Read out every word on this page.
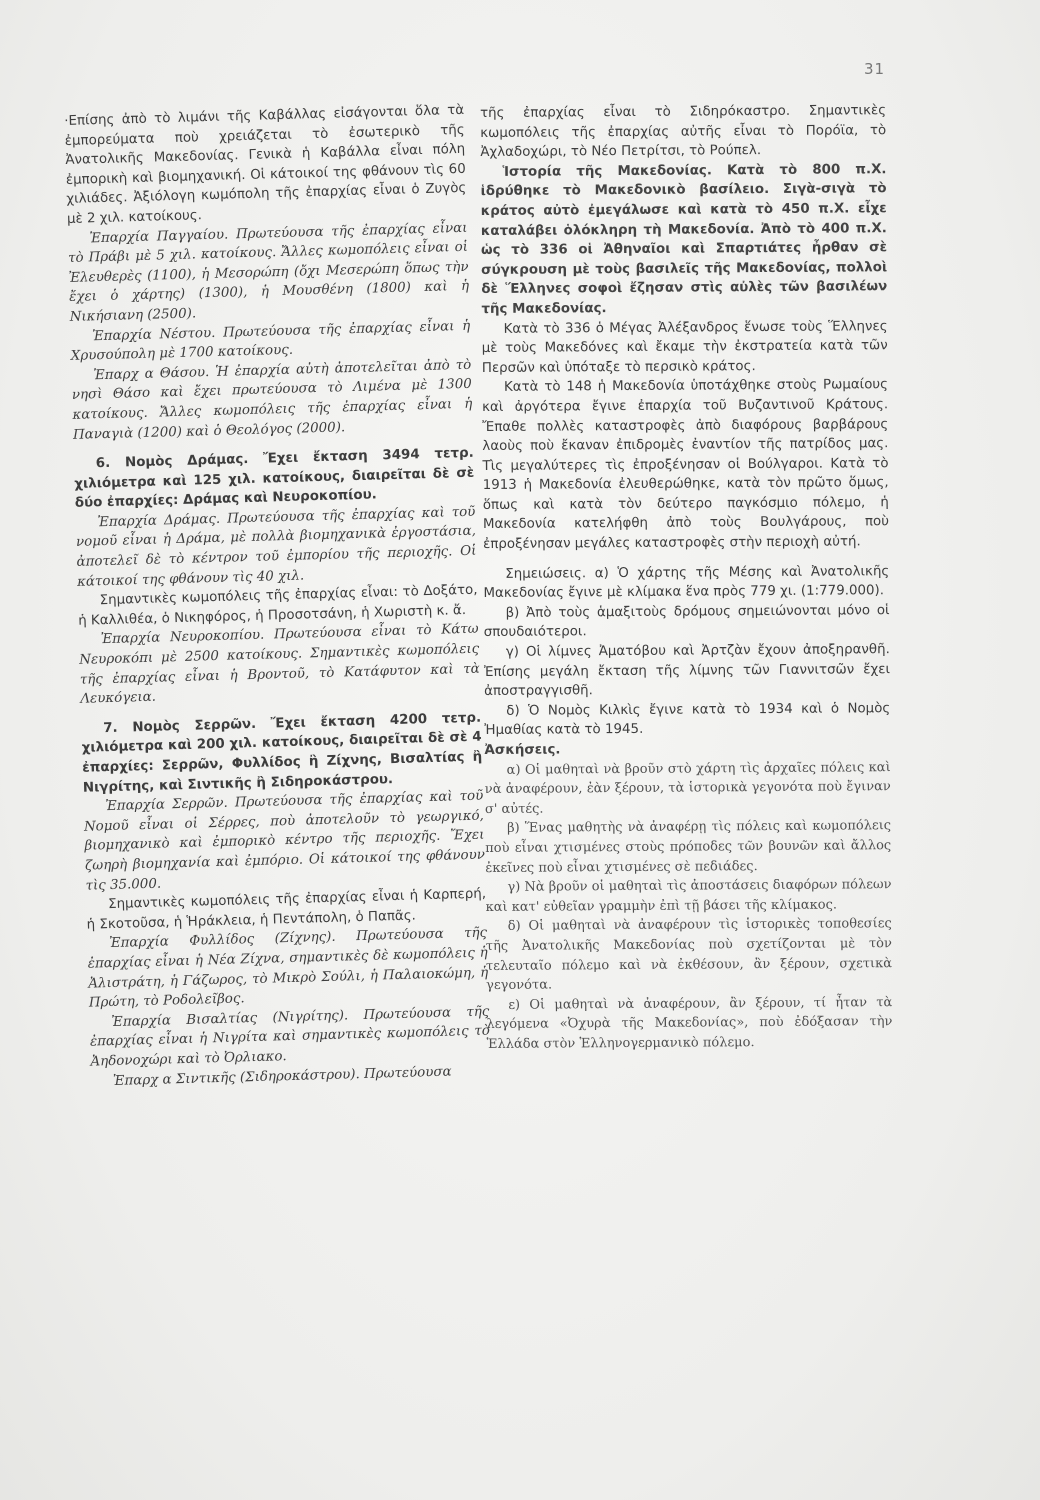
31

·Επίσης ἀπὸ τὸ λιμάνι τῆς Καβάλλας εἰσάγονται ὅλα τὰ ἐμπορεύματα ποὺ χρειάζεται τὸ ἐσωτερικὸ τῆς Ἀνατολικῆς Μακεδονίας. Γενικὰ ἡ Καβάλλα εἶναι πόλη ἐμπορικὴ καὶ βιομηχανική. Οἱ κάτοικοί της φθάνουν τὶς 60 χιλιάδες. Ἀξιόλογη κωμόπολη τῆς ἐπαρχίας εἶναι ὁ Ζυγὸς μὲ 2 χιλ. κατοίκους.

Ἐπαρχία Παγγαίου. Πρωτεύουσα τῆς ἐπαρχίας εἶναι τὸ Πράβι μὲ 5 χιλ. κατοίκους. Ἄλλες κωμοπόλεις εἶναι οἱ Ἐλευθερὲς (1100), ἡ Μεσορώπη (ὄχι Μεσερώπη ὅπως τὴν ἔχει ὁ χάρτης) (1300), ἡ Μουσθένη (1800) καὶ ἡ Νικήσιανη (2500).

Ἐπαρχία Νέστου. Πρωτεύουσα τῆς ἐπαρχίας εἶναι ἡ Χρυσούπολη μὲ 1700 κατοίκους.

Ἐπαρχ α Θάσου. Ἡ ἐπαρχία αὐτὴ ἀποτελεῖται ἀπὸ τὸ νησὶ Θάσο καὶ ἔχει πρωτεύουσα τὸ Λιμένα μὲ 1300 κατοίκους. Ἄλλες κωμοπόλεις τῆς ἐπαρχίας εἶναι ἡ Παναγιὰ (1200) καὶ ὁ Θεολόγος (2000).

6. Νομὸς Δράμας. Ἔχει ἔκταση 3494 τετρ. χιλιόμετρα καὶ 125 χιλ. κατοίκους, διαιρεῖται δὲ σὲ δύο ἐπαρχίες: Δράμας καὶ Νευροκοπίου.

Ἐπαρχία Δράμας. Πρωτεύουσα τῆς ἐπαρχίας καὶ τοῦ νομοῦ εἶναι ἡ Δράμα, μὲ πολλὰ βιομηχανικὰ ἐργοστάσια, ἀποτελεῖ δὲ τὸ κέντρον τοῦ ἐμπορίου τῆς περιοχῆς. Οἱ κάτοικοί της φθάνουν τὶς 40 χιλ.

Σημαντικὲς κωμοπόλεις τῆς ἐπαρχίας εἶναι: τὸ Δοξάτο, ἡ Καλλιθέα, ὁ Νικηφόρος, ἡ Προσοτσάνη, ἡ Χωριστὴ κ. ἄ.

Ἐπαρχία Νευροκοπίου. Πρωτεύουσα εἶναι τὸ Κάτω Νευροκόπι μὲ 2500 κατοίκους. Σημαντικὲς κωμοπόλεις τῆς ἐπαρχίας εἶναι ἡ Βροντοῦ, τὸ Κατάφυτον καὶ τὰ Λευκόγεια.

7. Νομὸς Σερρῶν. Ἔχει ἔκταση 4200 τετρ. χιλιόμετρα καὶ 200 χιλ. κατοίκους, διαιρεῖται δὲ σὲ 4 ἐπαρχίες: Σερρῶν, Φυλλίδος ἢ Ζίχνης, Βισαλτίας ἢ Νιγρίτης, καὶ Σιντικῆς ἢ Σιδηροκάστρου.

Ἐπαρχία Σερρῶν. Πρωτεύουσα τῆς ἐπαρχίας καὶ τοῦ Νομοῦ εἶναι οἱ Σέρρες, ποὺ ἀποτελοῦν τὸ γεωργικό, βιομηχανικὸ καὶ ἐμπορικὸ κέντρο τῆς περιοχῆς. Ἔχει ζωηρὴ βιομηχανία καὶ ἐμπόριο. Οἱ κάτοικοί της φθάνουν τὶς 35.000.

Σημαντικὲς κωμοπόλεις τῆς ἐπαρχίας εἶναι ἡ Καρπερή, ἡ Σκοτοῦσα, ἡ Ἡράκλεια, ἡ Πεντάπολη, ὁ Παπᾶς.

Ἐπαρχία Φυλλίδος (Ζίχνης). Πρωτεύουσα τῆς ἐπαρχίας εἶναι ἡ Νέα Ζίχνα, σημαντικὲς δὲ κωμοπόλεις ἡ Ἀλιστράτη, ἡ Γάζωρος, τὸ Μικρὸ Σούλι, ἡ Παλαιοκώμη, ἡ Πρώτη, τὸ Ροδολεῖβος.

Ἐπαρχία Βισαλτίας (Νιγρίτης). Πρωτεύουσα τῆς ἐπαρχίας εἶναι ἡ Νιγρίτα καὶ σημαντικὲς κωμοπόλεις τὸ Ἀηδονοχώρι καὶ τὸ Ὀρλιακο.

Ἐπαρχ α Σιντικῆς (Σιδηροκάστρου). Πρωτεύουσα

τῆς ἐπαρχίας εἶναι τὸ Σιδηρόκαστρο. Σημαντικὲς κωμοπόλεις τῆς ἐπαρχίας αὐτῆς εἶναι τὸ Πορόϊα, τὸ Ἀχλαδοχώρι, τὸ Νέο Πετρίτσι, τὸ Ρούπελ.

Ἱστορία τῆς Μακεδονίας. Κατὰ τὸ 800 π.Χ. ἱδρύθηκε τὸ Μακεδονικὸ βασίλειο. Σιγὰ-σιγὰ τὸ κράτος αὐτὸ ἐμεγάλωσε καὶ κατὰ τὸ 450 π.Χ. εἶχε καταλάβει ὁλόκληρη τὴ Μακεδονία. Ἀπὸ τὸ 400 π.Χ. ὡς τὸ 336 οἱ Ἀθηναῖοι καὶ Σπαρτιάτες ἦρθαν σὲ σύγκρουση μὲ τοὺς βασιλεῖς τῆς Μακεδονίας, πολλοὶ δὲ Ἕλληνες σοφοὶ ἔζησαν στὶς αὐλὲς τῶν βασιλέων τῆς Μακεδονίας.

Κατὰ τὸ 336 ὁ Μέγας Ἀλέξανδρος ἕνωσε τοὺς Ἕλληνες μὲ τοὺς Μακεδόνες καὶ ἔκαμε τὴν ἐκστρατεία κατὰ τῶν Περσῶν καὶ ὑπόταξε τὸ περσικὸ κράτος.

Κατὰ τὸ 148 ἡ Μακεδονία ὑποτάχθηκε στοὺς Ρωμαίους καὶ ἀργότερα ἔγινε ἐπαρχία τοῦ Βυζαντινοῦ Κράτους. Ἔπαθε πολλὲς καταστροφὲς ἀπὸ διαφόρους βαρβάρους λαοὺς ποὺ ἔκαναν ἐπιδρομὲς ἐναντίον τῆς πατρίδος μας. Τὶς μεγαλύτερες τὶς ἐπροξένησαν οἱ Βούλγαροι. Κατὰ τὸ 1913 ἡ Μακεδονία ἐλευθερώθηκε, κατὰ τὸν πρῶτο ὅμως, ὅπως καὶ κατὰ τὸν δεύτερο παγκόσμιο πόλεμο, ἡ Μακεδονία κατελήφθη ἀπὸ τοὺς Βουλγάρους, ποὺ ἐπροξένησαν μεγάλες καταστροφὲς στὴν περιοχὴ αὐτή.

Σημειώσεις. α) Ὁ χάρτης τῆς Μέσης καὶ Ἀνατολικῆς Μακεδονίας ἔγινε μὲ κλίμακα ἕνα πρὸς 779 χι. (1:779.000).

β) Ἀπὸ τοὺς ἁμαξιτοὺς δρόμους σημειώνονται μόνο οἱ σπουδαιότεροι.

γ) Οἱ λίμνες Ἀματόβου καὶ Ἀρτζὰν ἔχουν ἀποξηρανθῆ. Ἐπίσης μεγάλη ἔκταση τῆς λίμνης τῶν Γιαννιτσῶν ἔχει ἀποστραγγισθῆ.

δ) Ὁ Νομὸς Κιλκὶς ἔγινε κατὰ τὸ 1934 καὶ ὁ Νομὸς Ἠμαθίας κατὰ τὸ 1945.

Ἀσκήσεις.

α) Οἱ μαθηταὶ νὰ βροῦν στὸ χάρτη τὶς ἀρχαῖες πόλεις καὶ νὰ ἀναφέρουν, ἐὰν ξέρουν, τὰ ἱστορικὰ γεγονότα ποὺ ἔγιναν σ' αὐτές.

β) Ἕνας μαθητὴς νὰ ἀναφέρῃ τὶς πόλεις καὶ κωμοπόλεις ποὺ εἶναι χτισμένες στοὺς πρόποδες τῶν βουνῶν καὶ ἄλλος ἐκεῖνες ποὺ εἶναι χτισμένες σὲ πεδιάδες.

γ) Νὰ βροῦν οἱ μαθηταὶ τὶς ἀποστάσεις διαφόρων πόλεων καὶ κατ' εὐθεῖαν γραμμὴν ἐπὶ τῇ βάσει τῆς κλίμακος.

δ) Οἱ μαθηταὶ νὰ ἀναφέρουν τὶς ἱστορικὲς τοποθεσίες τῆς Ἀνατολικῆς Μακεδονίας ποὺ σχετίζονται μὲ τὸν τελευταῖο πόλεμο καὶ νὰ ἐκθέσουν, ἂν ξέρουν, σχετικὰ γεγονότα.

ε) Οἱ μαθηταὶ νὰ ἀναφέρουν, ἂν ξέρουν, τί ἦταν τὰ λεγόμενα «Ὀχυρὰ τῆς Μακεδονίας», ποὺ ἐδόξασαν τὴν Ἑλλάδα στὸν Ἑλληνογερμανικὸ πόλεμο.
